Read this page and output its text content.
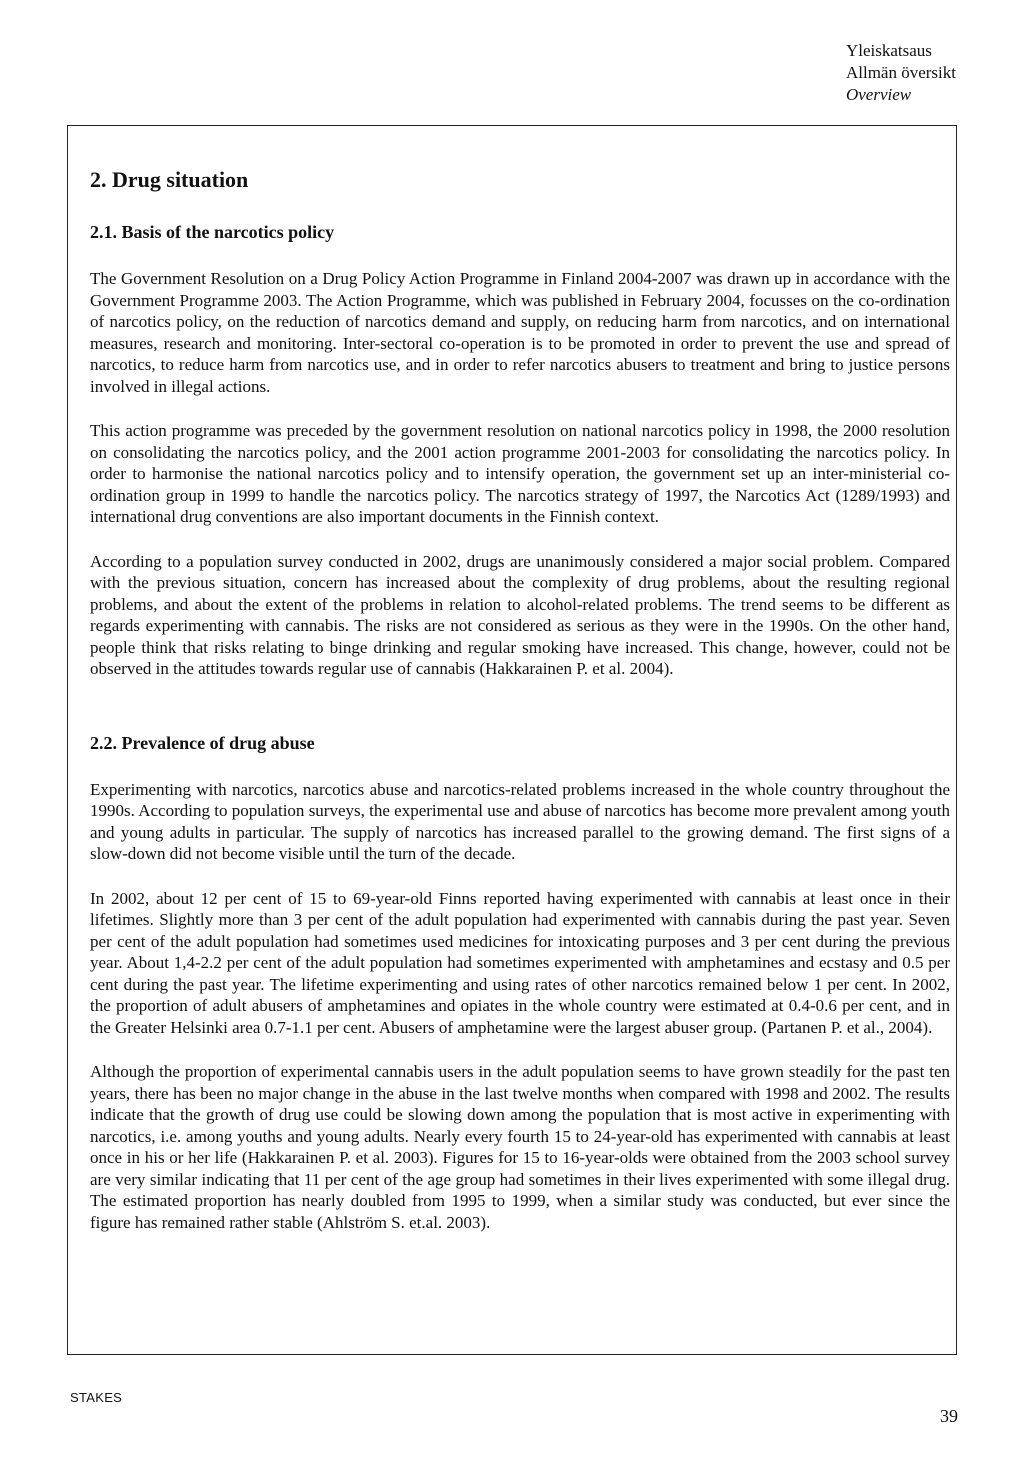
Yleiskatsaus
Allmän översikt
Overview
2. Drug situation
2.1. Basis of the narcotics policy

The Government Resolution on a Drug Policy Action Programme in Finland 2004-2007 was drawn up in accordance with the Government Programme 2003. The Action Programme, which was published in February 2004, focusses on the co-ordination of narcotics policy, on the reduction of narcotics demand and supply, on reducing harm from narcotics, and on international measures, research and monitoring. Inter-sectoral co-operation is to be promoted in order to prevent the use and spread of narcotics, to reduce harm from narcotics use, and in order to refer narcotics abusers to treatment and bring to justice persons involved in illegal actions.

This action programme was preceded by the government resolution on national narcotics policy in 1998, the 2000 resolution on consolidating the narcotics policy, and the 2001 action programme 2001-2003 for consolidating the narcotics policy. In order to harmonise the national narcotics policy and to intensify operation, the government set up an inter-ministerial co-ordination group in 1999 to handle the narcotics policy. The narcotics strategy of 1997, the Narcotics Act (1289/1993) and international drug conventions are also important documents in the Finnish context.

According to a population survey conducted in 2002, drugs are unanimously considered a major social problem. Compared with the previous situation, concern has increased about the complexity of drug problems, about the resulting regional problems, and about the extent of the problems in relation to alcohol-related problems. The trend seems to be different as regards experimenting with cannabis. The risks are not considered as serious as they were in the 1990s. On the other hand, people think that risks relating to binge drinking and regular smoking have increased. This change, however, could not be observed in the attitudes towards regular use of cannabis (Hakkarainen P. et al. 2004).

2.2. Prevalence of drug abuse

Experimenting with narcotics, narcotics abuse and narcotics-related problems increased in the whole country throughout the 1990s. According to population surveys, the experimental use and abuse of narcotics has become more prevalent among youth and young adults in particular. The supply of narcotics has increased parallel to the growing demand. The first signs of a slow-down did not become visible until the turn of the decade.

In 2002, about 12 per cent of 15 to 69-year-old Finns reported having experimented with cannabis at least once in their lifetimes. Slightly more than 3 per cent of the adult population had experimented with cannabis during the past year. Seven per cent of the adult population had sometimes used medicines for intoxicating purposes and 3 per cent during the previous year. About 1,4-2.2 per cent of the adult population had sometimes experimented with amphetamines and ecstasy and 0.5 per cent during the past year. The lifetime experimenting and using rates of other narcotics remained below 1 per cent. In 2002, the proportion of adult abusers of amphetamines and opiates in the whole country were estimated at 0.4-0.6 per cent, and in the Greater Helsinki area 0.7-1.1 per cent. Abusers of amphetamine were the largest abuser group. (Partanen P. et al., 2004).

Although the proportion of experimental cannabis users in the adult population seems to have grown steadily for the past ten years, there has been no major change in the abuse in the last twelve months when compared with 1998 and 2002. The results indicate that the growth of drug use could be slowing down among the population that is most active in experimenting with narcotics, i.e. among youths and young adults. Nearly every fourth 15 to 24-year-old has experimented with cannabis at least once in his or her life (Hakkarainen P. et al. 2003). Figures for 15 to 16-year-olds were obtained from the 2003 school survey are very similar indicating that 11 per cent of the age group had sometimes in their lives experimented with some illegal drug. The estimated proportion has nearly doubled from 1995 to 1999, when a similar study was conducted, but ever since the figure has remained rather stable (Ahlström S. et.al. 2003).

STAKES
39
